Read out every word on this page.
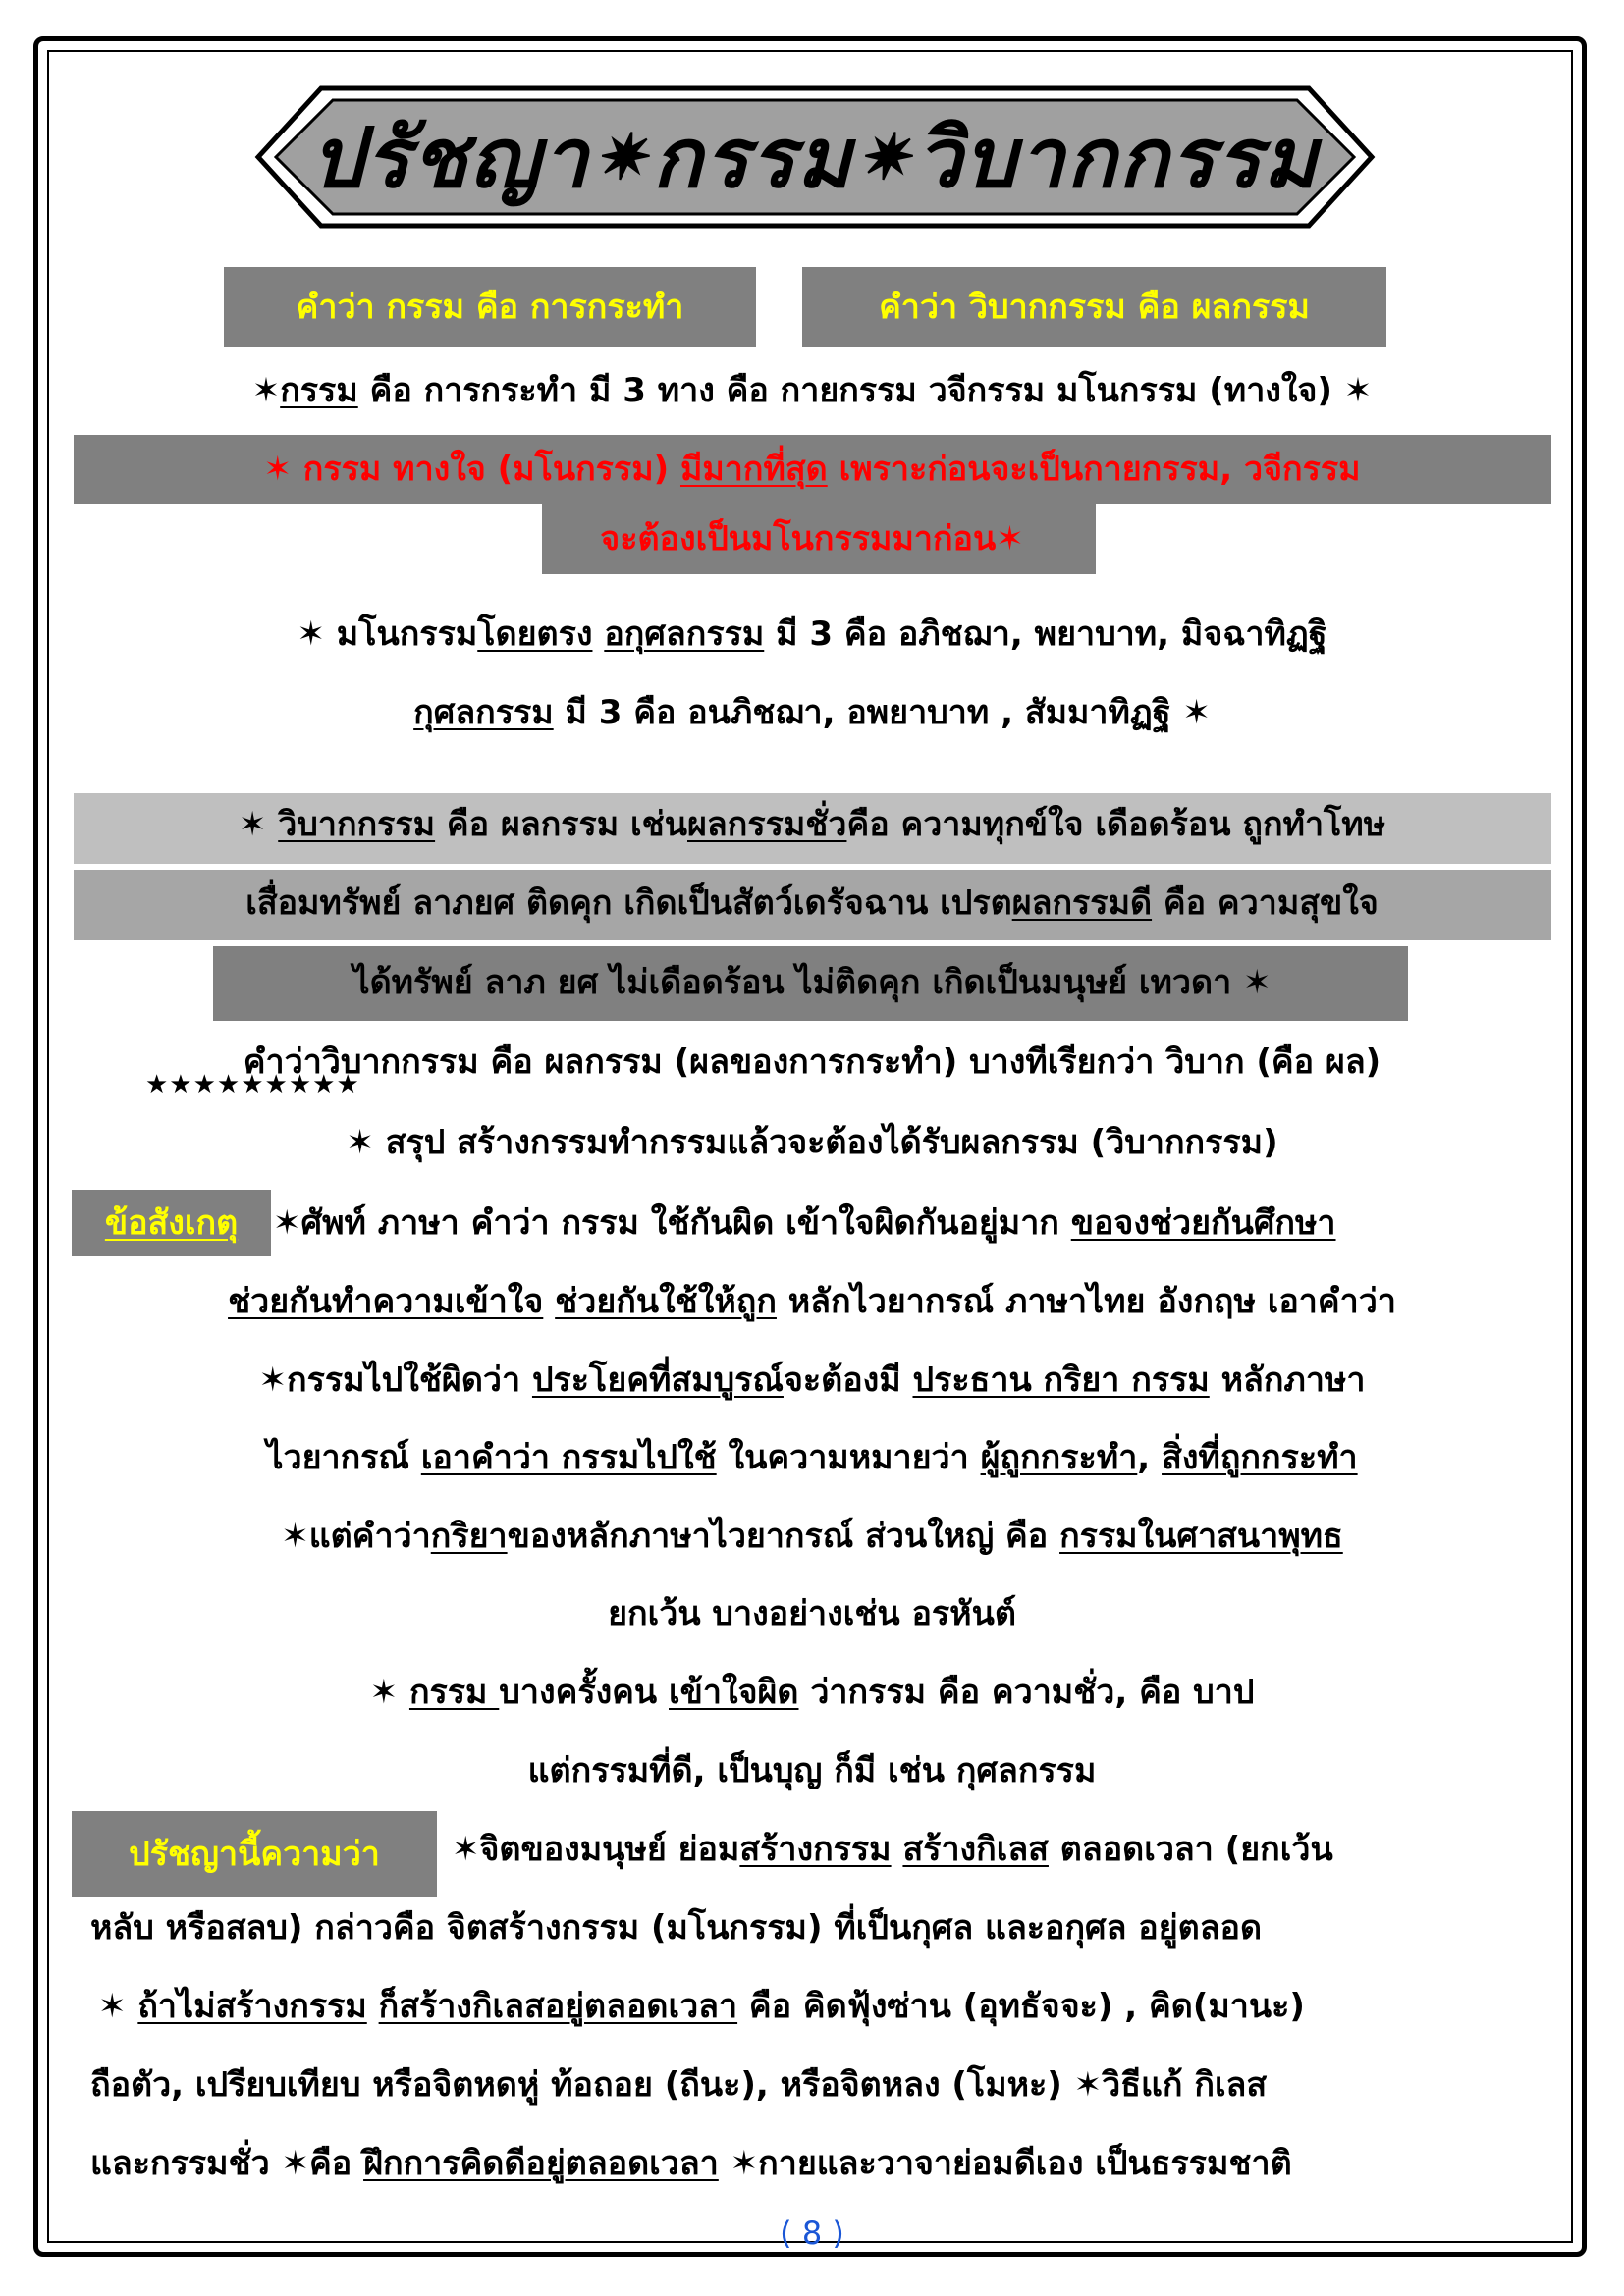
ปรัชญา ✷ กรรม ✷ วิบากกรรม
คำว่า กรรม คือ การกระทำ	คำว่า วิบากกรรม คือ ผลกรรม
✶กรรม คือ การกระทำ มี 3 ทาง คือ กายกรรม วจีกรรม มโนกรรม (ทางใจ) ✶
✶ กรรม ทางใจ (มโนกรรม) มีมากที่สุด เพราะก่อนจะเป็นกายกรรม, วจีกรรม
จะต้องเป็นมโนกรรมมาก่อน✶
✶ มโนกรรมโดยตรง อกุศลกรรม มี 3 คือ อภิชฌา, พยาบาท, มิจฉาทิฏฐิ
กุศลกรรม มี 3 คือ อนภิชฌา, อพยาบาท , สัมมาทิฏฐิ ✶
✶ วิบากกรรม คือ ผลกรรม เช่นผลกรรมชั่วคือ ความทุกข์ใจ เดือดร้อน ถูกทำโทษ
เสื่อมทรัพย์ ลาภยศ ติดคุก เกิดเป็นสัตว์เดรัจฉาน เปรตผลกรรมดี คือ ความสุขใจ
ได้ทรัพย์ ลาภ ยศ ไม่เดือดร้อน ไม่ติดคุก เกิดเป็นมนุษย์ เทวดา ✶
คำว่าวิบากกรรม คือ ผลกรรม (ผลของการกระทำ) บางทีเรียกว่า วิบาก (คือ ผล)
★★★★★★★★★
✶ สรุป สร้างกรรมทำกรรมแล้วจะต้องได้รับผลกรรม (วิบากกรรม)
ข้อสังเกตุ ✶ศัพท์ ภาษา คำว่า กรรม ใช้กันผิด เข้าใจผิดกันอยู่มาก ขอจงช่วยกันศึกษา
ช่วยกันทำความเข้าใจ ช่วยกันใช้ให้ถูก หลักไวยากรณ์ ภาษาไทย อังกฤษ เอาคำว่า
✶กรรมไปใช้ผิดว่า ประโยคที่สมบูรณ์จะต้องมี ประธาน กริยา กรรม หลักภาษา
ไวยากรณ์ เอาคำว่า กรรมไปใช้ ในความหมายว่า ผู้ถูกกระทำ, สิ่งที่ถูกกระทำ
✶แต่คำว่ากริยาของหลักภาษาไวยากรณ์ ส่วนใหญ่ คือ กรรมในศาสนาพุทธ
ยกเว้น บางอย่างเช่น อรหันต์
✶ กรรม บางครั้งคน เข้าใจผิด ว่ากรรม คือ ความชั่ว, คือ บาป
แต่กรรมที่ดี, เป็นบุญ ก็มี เช่น กุศลกรรม
ปรัชญานี้ความว่า ✶จิตของมนุษย์ ย่อมสร้างกรรม สร้างกิเลส ตลอดเวลา (ยกเว้น
หลับ หรือสลบ) กล่าวคือ จิตสร้างกรรม (มโนกรรม) ที่เป็นกุศล และอกุศล อยู่ตลอด
✶ ถ้าไม่สร้างกรรม ก็สร้างกิเลสอยู่ตลอดเวลา คือ คิดฟุ้งซ่าน (อุทธัจจะ) , คิด(มานะ)
ถือตัว, เปรียบเทียบ หรือจิตหดหู่ ท้อถอย (ถีนะ), หรือจิตหลง (โมหะ) ✶วิธีแก้ กิเลส
และกรรมชั่ว ✶คือ ฝึกการคิดดีอยู่ตลอดเวลา ✶กายและวาจาย่อมดีเอง เป็นธรรมชาติ
( 8 )
